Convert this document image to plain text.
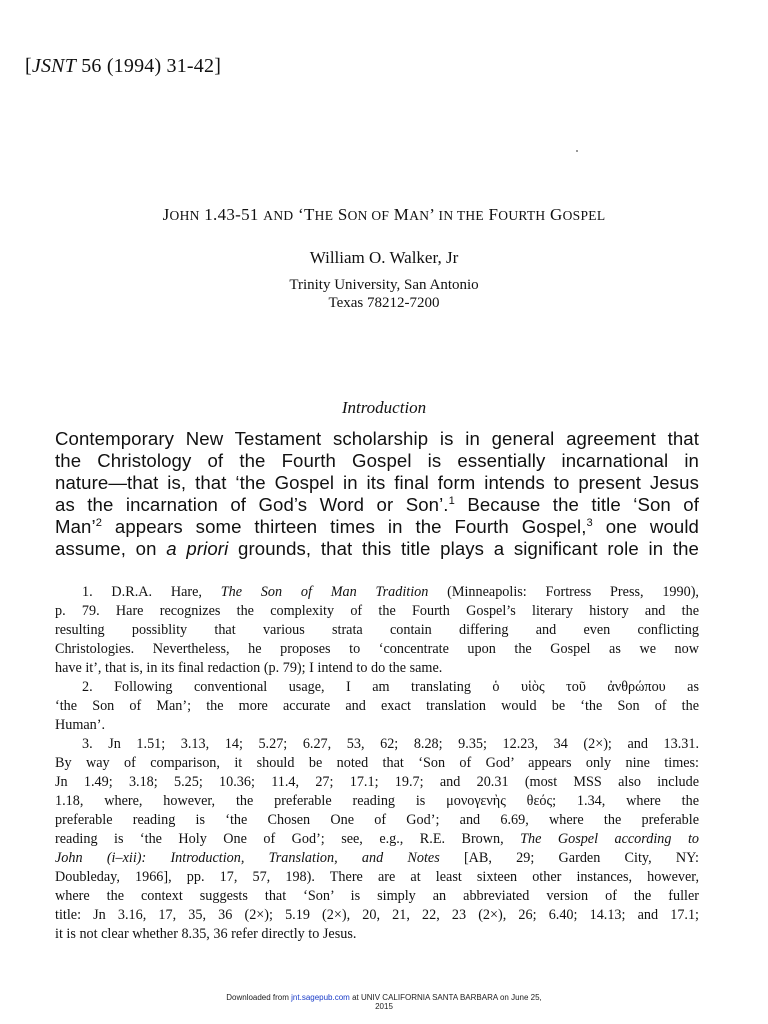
[JSNT 56 (1994) 31-42]
JOHN 1.43-51 AND ‘THE SON OF MAN’ IN THE FOURTH GOSPEL
William O. Walker, Jr
Trinity University, San Antonio
Texas 78212-7200
Introduction
Contemporary New Testament scholarship is in general agreement that
the Christology of the Fourth Gospel is essentially incarnational in
nature—that is, that ‘the Gospel in its final form intends to present Jesus
as the incarnation of God’s Word or Son’.$^1$ Because the title ‘Son of
Man’$^2$ appears some thirteen times in the Fourth Gospel,$^3$ one would
assume, on a priori grounds, that this title plays a significant role in the
1. D.R.A. Hare, The Son of Man Tradition (Minneapolis: Fortress Press, 1990),
p. 79. Hare recognizes the complexity of the Fourth Gospel’s literary history and the
resulting possiblity that various strata contain differing and even conflicting
Christologies. Nevertheless, he proposes to ‘concentrate upon the Gospel as we now
have it’, that is, in its final redaction (p. 79); I intend to do the same.
2. Following conventional usage, I am translating ὁ υἱὸς τοῦ ἀνθρώπου as
‘the Son of Man’; the more accurate and exact translation would be ‘the Son of the
Human’.
3. Jn 1.51; 3.13, 14; 5.27; 6.27, 53, 62; 8.28; 9.35; 12.23, 34 (2×); and 13.31.
By way of comparison, it should be noted that ‘Son of God’ appears only nine times:
Jn 1.49; 3.18; 5.25; 10.36; 11.4, 27; 17.1; 19.7; and 20.31 (most MSS also include
1.18, where, however, the preferable reading is μονογενὴς θεός; 1.34, where the
preferable reading is ‘the Chosen One of God’; and 6.69, where the preferable
reading is ‘the Holy One of God’; see, e.g., R.E. Brown, The Gospel according to
John (i–xii): Introduction, Translation, and Notes [AB, 29; Garden City, NY:
Doubleday, 1966], pp. 17, 57, 198). There are at least sixteen other instances, however,
where the context suggests that ‘Son’ is simply an abbreviated version of the fuller
title: Jn 3.16, 17, 35, 36 (2×); 5.19 (2×), 20, 21, 22, 23 (2×), 26; 6.40; 14.13; and 17.1;
it is not clear whether 8.35, 36 refer directly to Jesus.
Downloaded from jnt.sagepub.com at UNIV CALIFORNIA SANTA BARBARA on June 25,
2015
